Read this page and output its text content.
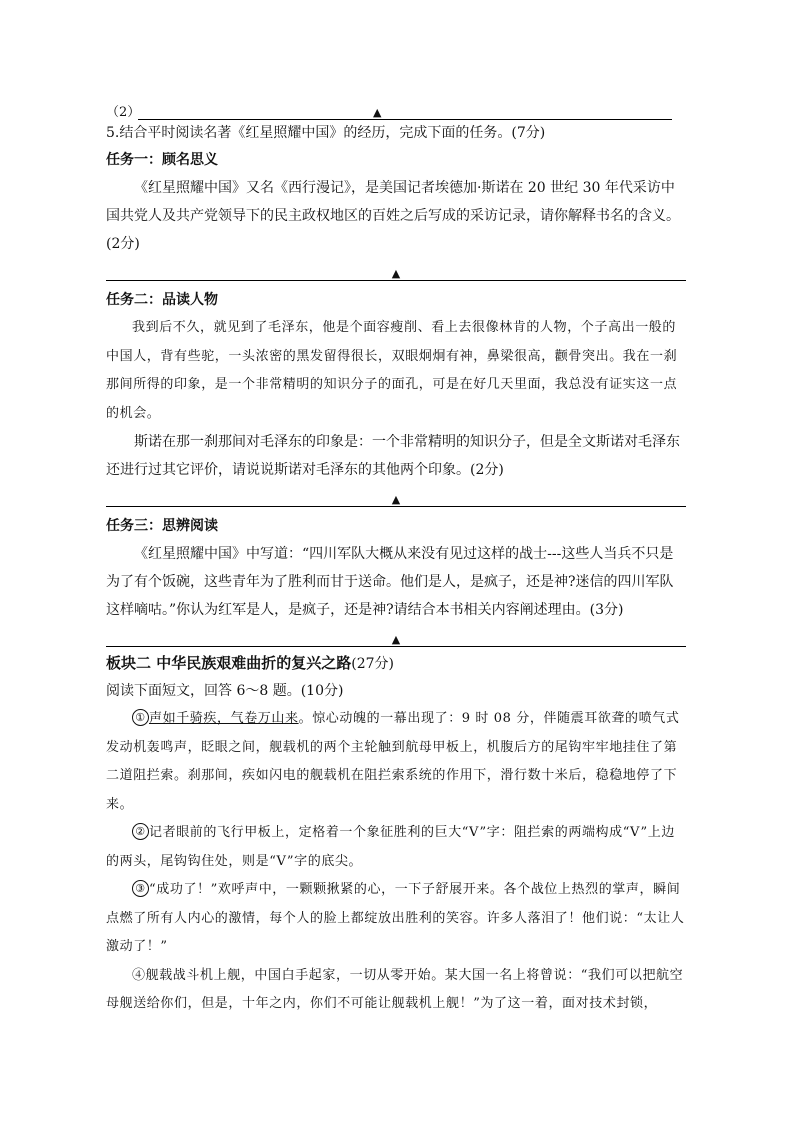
（2）	▲
5.结合平时阅读名著《红星照耀中国》的经历，完成下面的任务。(7分)
任务一：顾名思义
《红星照耀中国》又名《西行漫记》，是美国记者埃德加·斯诺在 20 世纪 30 年代采访中国共党人及共产党领导下的民主政权地区的百姓之后写成的采访记录，请你解释书名的含义。(2分)
▲
任务二：品读人物
我到后不久，就见到了毛泽东，他是个面容瘦削、看上去很像林肯的人物，个子高出一般的中国人，背有些驼，一头浓密的黑发留得很长，双眼炯炯有神，鼻梁很高，颧骨突出。我在一刹那间所得的印象，是一个非常精明的知识分子的面孔，可是在好几天里面，我总没有证实这一点的机会。
斯诺在那一刹那间对毛泽东的印象是：一个非常精明的知识分子，但是全文斯诺对毛泽东还进行过其它评价，请说说斯诺对毛泽东的其他两个印象。(2分)
▲
任务三：思辨阅读
《红星照耀中国》中写道：“四川军队大概从来没有见过这样的战士---这些人当兵不只是为了有个饭碗，这些青年为了胜利而甘于送命。他们是人，是疯子，还是神?迷信的四川军队这样嘀咕。”你认为红军是人，是疯子，还是神?请结合本书相关内容阐述理由。(3分)
▲
板块二 中华民族艰难曲折的复兴之路(27分)
阅读下面短文，回答 6～8 题。(10分)
① 声如千骑疾，气卷万山来。惊心动魄的一幕出现了：9 时 08 分，伴随震耳欲聋的喷气式发动机轰鸣声，眨眼之间，舰载机的两个主轮触到航母甲板上，机腹后方的尾钩牢牢地挂住了第二道阻拦索。刹那间，疾如闪电的舰载机在阻拦索系统的作用下，滑行数十米后，稳稳地停了下来。
② 记者眼前的飞行甲板上，定格着一个象征胜利的巨大“V”字：阻拦索的两端构成“V”上边的两头，尾钩钩住处，则是“V”字的底尖。
③ “成功了！”欢呼声中，一颗颗揪紧的心，一下子舒展开来。各个战位上热烈的掌声，瞬间点燃了所有人内心的激情，每个人的脸上都绽放出胜利的笑容。许多人落泪了！他们说：“太让人激动了！”
④舰载战斗机上舰，中国白手起家，一切从零开始。某大国一名上将曾说：“我们可以把航空母舰送给你们，但是，十年之内，你们不可能让舰载机上舰！”为了这一着，面对技术封锁，
